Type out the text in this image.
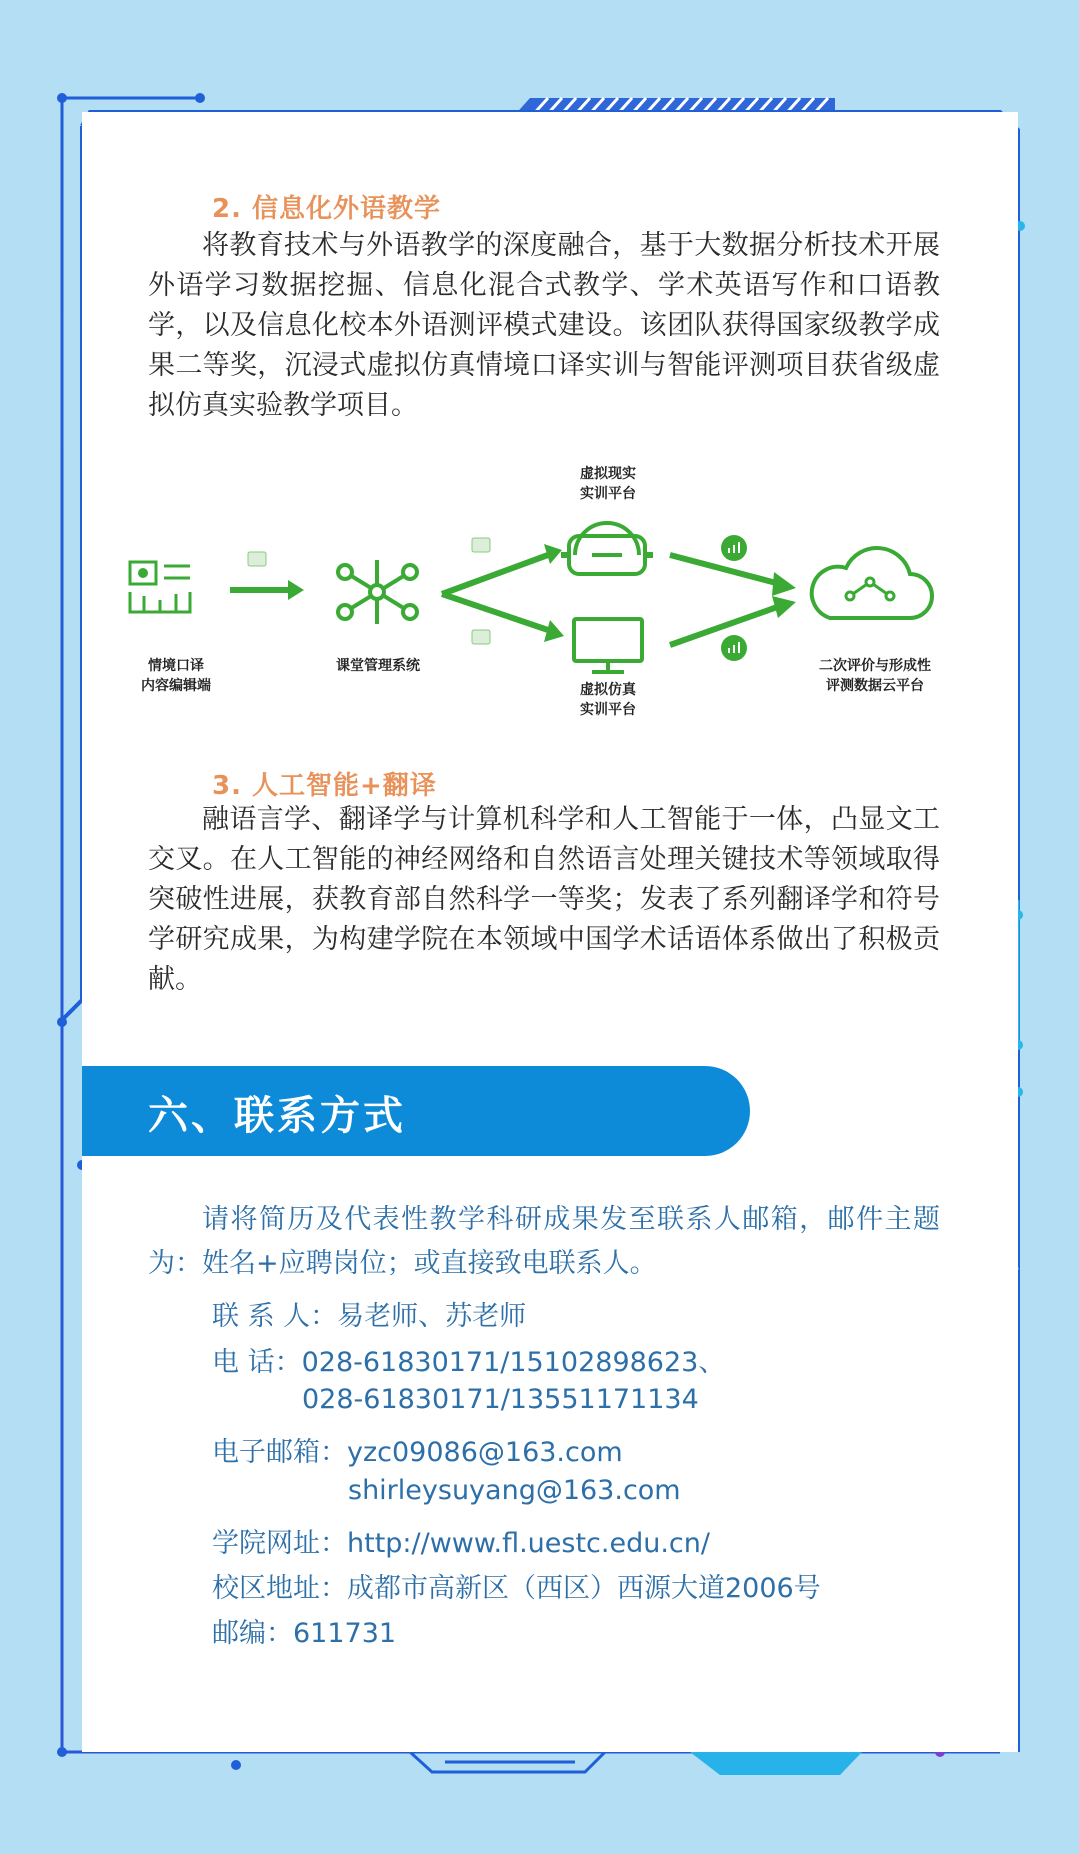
2. 信息化外语教学

将教育技术与外语教学的深度融合，基于大数据分析技术开展外语学习数据挖掘、信息化混合式教学、学术英语写作和口语教学，以及信息化校本外语测评模式建设。该团队获得国家级教学成果二等奖，沉浸式虚拟仿真情境口译实训与智能评测项目获省级虚拟仿真实验教学项目。

情境口译
内容编辑端
课堂管理系统
虚拟现实
实训平台
虚拟仿真
实训平台
二次评价与形成性
评测数据云平台
3. 人工智能+翻译

融语言学、翻译学与计算机科学和人工智能于一体，凸显文工交叉。在人工智能的神经网络和自然语言处理关键技术等领域取得突破性进展，获教育部自然科学一等奖；发表了系列翻译学和符号学研究成果，为构建学院在本领域中国学术话语体系做出了积极贡献。

六、联系方式

请将简历及代表性教学科研成果发至联系人邮箱，邮件主题为：姓名+应聘岗位；或直接致电联系人。

联 系 人：易老师、苏老师

电 话：028-61830171/15102898623、

028-61830171/13551171134

电子邮箱：yzc09086@163.com

shirleysuyang@163.com

学院网址：http://www.fl.uestc.edu.cn/

校区地址：成都市高新区（西区）西源大道2006号

邮编：611731
